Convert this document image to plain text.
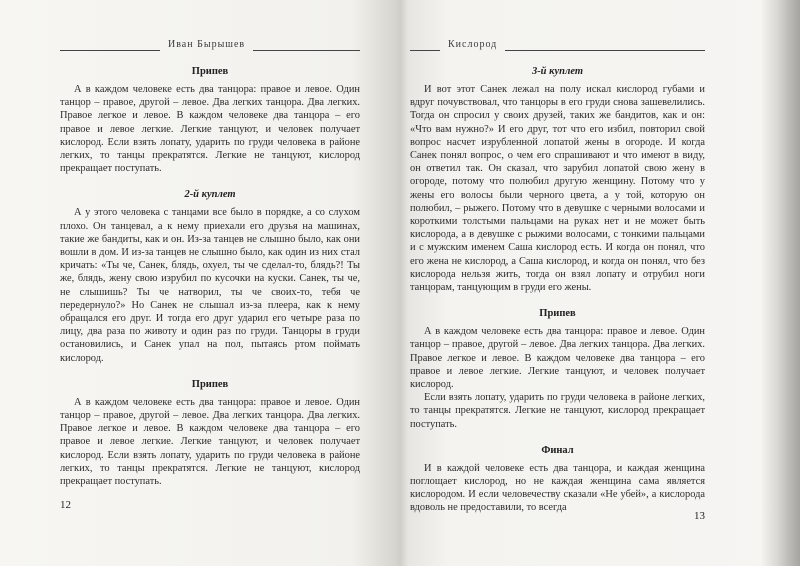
Иван Бырышев
Припев

А в каждом человеке есть два танцора: правое и левое. Один танцор – правое, другой – левое. Два легких танцора. Два легких. Правое легкое и левое. В каждом человеке два танцора – его правое и левое легкие. Легкие танцуют, и человек получает кислород. Если взять лопату, ударить по груди человека в районе легких, то танцы прекратятся. Легкие не танцуют, кислород прекращает поступать.

2-й куплет

А у этого человека с танцами все было в порядке, а со слухом плохо. Он танцевал, а к нему приехали его друзья на машинах, такие же бандиты, как и он. Из-за танцев не слышно было, как они вошли в дом. И из-за танцев не слышно было, как один из них стал кричать: «Ты че, Санек, блядь, охуел, ты че сделал-то, блядь?! Ты же, блядь, жену свою изрубил по кусочки на куски. Санек, ты че, не слышишь? Ты че натворил, ты че своих-то, тебя че передернуло?» Но Санек не слышал из-за плеера, как к нему обращался его друг. И тогда его друг ударил его четыре раза по лицу, два раза по животу и один раз по груди. Танцоры в груди остановились, и Санек упал на пол, пытаясь ртом поймать кислород.

Припев

А в каждом человеке есть два танцора: правое и левое. Один танцор – правое, другой – левое. Два легких танцора. Два легких. Правое легкое и левое. В каждом человеке два танцора – его правое и левое легкие. Легкие танцуют, и человек получает кислород. Если взять лопату, ударить по груди человека в районе легких, то танцы прекратятся. Легкие не танцуют, кислород прекращает поступать.

12
Кислород
3-й куплет

И вот этот Санек лежал на полу искал кислород губами и вдруг почувствовал, что танцоры в его груди снова зашевелились. Тогда он спросил у своих друзей, таких же бандитов, как и он: «Что вам нужно?» И его друг, тот что его избил, повторил свой вопрос насчет изрубленной лопатой жены в огороде. И когда Санек понял вопрос, о чем его спрашивают и что имеют в виду, он ответил так. Он сказал, что зарубил лопатой свою жену в огороде, потому что полюбил другую женщину. Потому что у жены его волосы были черного цвета, а у той, которую он полюбил, – рыжего. Потому что в девушке с черными волосами и короткими толстыми пальцами на руках нет и не может быть кислорода, а в девушке с рыжими волосами, с тонкими пальцами и с мужским именем Саша кислород есть. И когда он понял, что его жена не кислород, а Саша кислород, и когда он понял, что без кислорода нельзя жить, тогда он взял лопату и отрубил ноги танцорам, танцующим в груди его жены.

Припев

А в каждом человеке есть два танцора: правое и левое. Один танцор – правое, другой – левое. Два легких танцора. Два легких. Правое легкое и левое. В каждом человеке два танцора – его правое и левое легкие. Легкие танцуют, и человек получает кислород.

Если взять лопату, ударить по груди человека в районе легких, то танцы прекратятся. Легкие не танцуют, кислород прекращает поступать.

Финал

И в каждой человеке есть два танцора, и каждая женщина поглощает кислород, но не каждая женщина сама является кислородом. И если человечеству сказали «Не убей», а кислорода вдоволь не предоставили, то всегда

13
